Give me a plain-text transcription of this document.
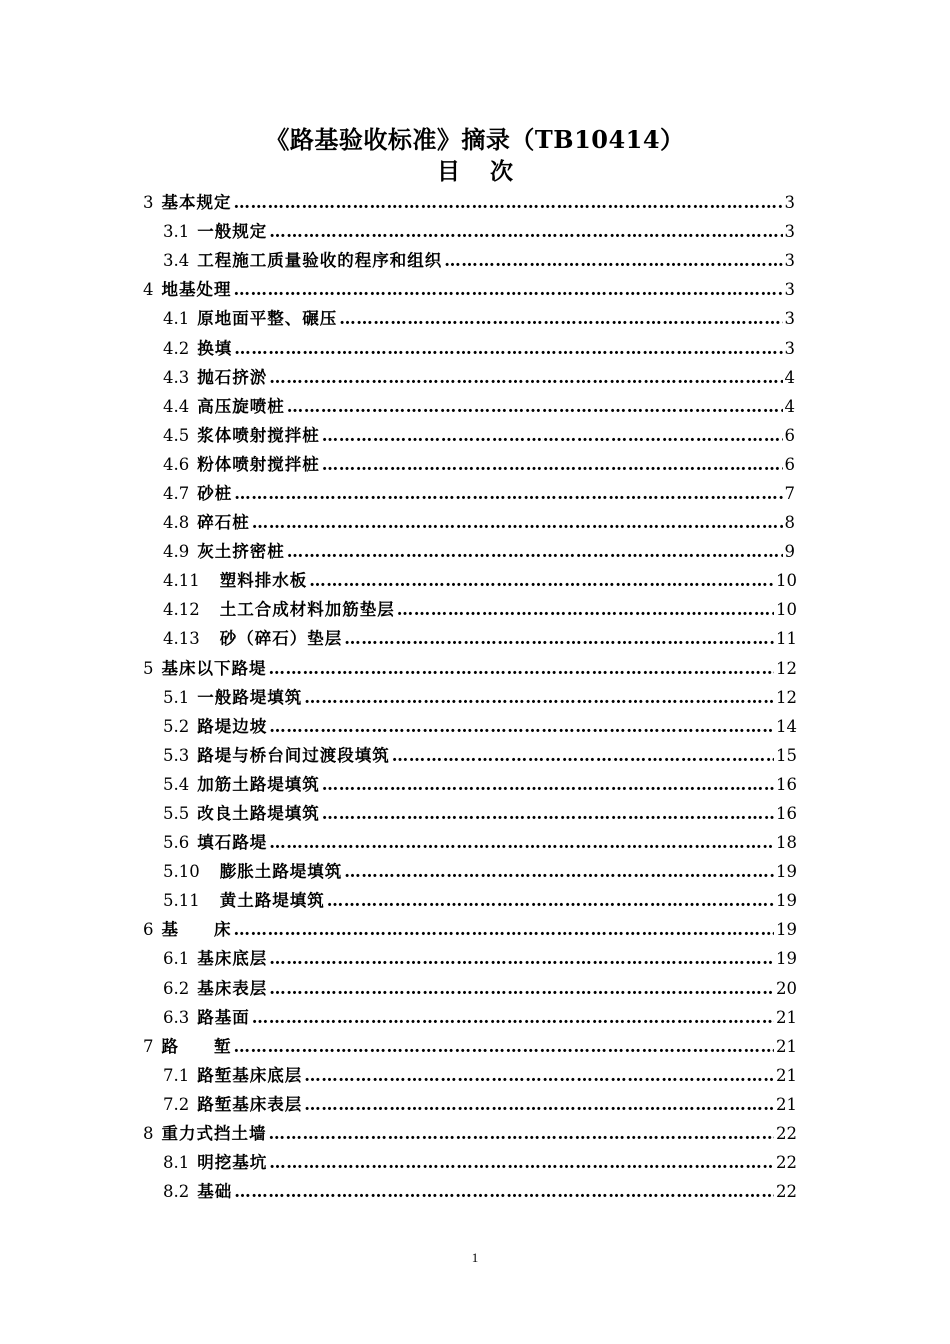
《路基验收标准》摘录（TB10414）
目 次
3 基本规定 ……………………………………………………………………………………………………………………………………………………………………………………………………………	3
3.1 一般规定 ……………………………………………………………………………………………………………………………………………………………………………………………………………	3
3.4 工程施工质量验收的程序和组织 ……………………………………………………………………………………………………………………………………………………………………………………………………………	3
4 地基处理 ……………………………………………………………………………………………………………………………………………………………………………………………………………	3
4.1 原地面平整、碾压 ……………………………………………………………………………………………………………………………………………………………………………………………………………	3
4.2 换填 ……………………………………………………………………………………………………………………………………………………………………………………………………………	3
4.3 抛石挤淤 ……………………………………………………………………………………………………………………………………………………………………………………………………………	4
4.4 高压旋喷桩 ……………………………………………………………………………………………………………………………………………………………………………………………………………	4
4.5 浆体喷射搅拌桩 ……………………………………………………………………………………………………………………………………………………………………………………………………………	6
4.6 粉体喷射搅拌桩 ……………………………………………………………………………………………………………………………………………………………………………………………………………	6
4.7 砂桩 ……………………………………………………………………………………………………………………………………………………………………………………………………………	7
4.8 碎石桩 ……………………………………………………………………………………………………………………………………………………………………………………………………………	8
4.9 灰土挤密桩 ……………………………………………………………………………………………………………………………………………………………………………………………………………	9
4.11 塑料排水板 ……………………………………………………………………………………………………………………………………………………………………………………………………………	10
4.12 土工合成材料加筋垫层 ……………………………………………………………………………………………………………………………………………………………………………………………………………	10
4.13 砂（碎石）垫层 ……………………………………………………………………………………………………………………………………………………………………………………………………………	11
5 基床以下路堤 ……………………………………………………………………………………………………………………………………………………………………………………………………………	12
5.1 一般路堤填筑 ……………………………………………………………………………………………………………………………………………………………………………………………………………	12
5.2 路堤边坡 ……………………………………………………………………………………………………………………………………………………………………………………………………………	14
5.3 路堤与桥台间过渡段填筑 ……………………………………………………………………………………………………………………………………………………………………………………………………………	15
5.4 加筋土路堤填筑 ……………………………………………………………………………………………………………………………………………………………………………………………………………	16
5.5 改良土路堤填筑 ……………………………………………………………………………………………………………………………………………………………………………………………………………	16
5.6 填石路堤 ……………………………………………………………………………………………………………………………………………………………………………………………………………	18
5.10 膨胀土路堤填筑 ……………………………………………………………………………………………………………………………………………………………………………………………………………	19
5.11 黄土路堤填筑 ……………………………………………………………………………………………………………………………………………………………………………………………………………	19
6 基　　床 ……………………………………………………………………………………………………………………………………………………………………………………………………………	19
6.1 基床底层 ……………………………………………………………………………………………………………………………………………………………………………………………………………	19
6.2 基床表层 ……………………………………………………………………………………………………………………………………………………………………………………………………………	20
6.3 路基面 ……………………………………………………………………………………………………………………………………………………………………………………………………………	21
7 路　　堑 ……………………………………………………………………………………………………………………………………………………………………………………………………………	21
7.1 路堑基床底层 ……………………………………………………………………………………………………………………………………………………………………………………………………………	21
7.2 路堑基床表层 ……………………………………………………………………………………………………………………………………………………………………………………………………………	21
8 重力式挡土墙 ……………………………………………………………………………………………………………………………………………………………………………………………………………	22
8.1 明挖基坑 ……………………………………………………………………………………………………………………………………………………………………………………………………………	22
8.2 基础 ……………………………………………………………………………………………………………………………………………………………………………………………………………	22
1
